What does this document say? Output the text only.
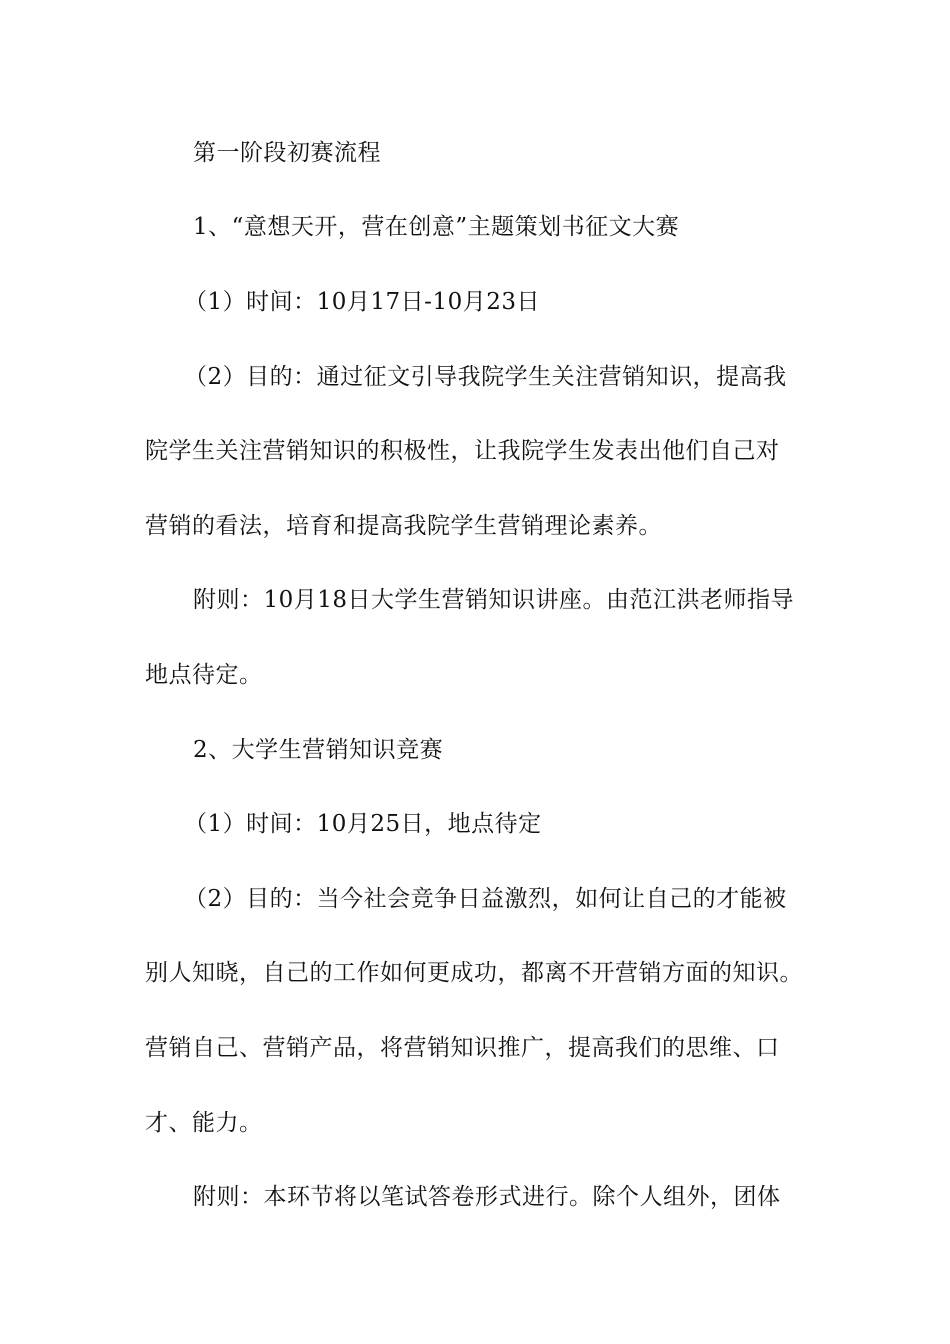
第一阶段初赛流程
1、“意想天开，营在创意”主题策划书征文大赛
（1）时间：10月17日-10月23日
（2）目的：通过征文引导我院学生关注营销知识，提高我
院学生关注营销知识的积极性，让我院学生发表出他们自己对
营销的看法，培育和提高我院学生营销理论素养。
附则：10月18日大学生营销知识讲座。由范江洪老师指导
地点待定。
2、大学生营销知识竞赛
（1）时间：10月25日，地点待定
（2）目的：当今社会竞争日益激烈，如何让自己的才能被
别人知晓，自己的工作如何更成功，都离不开营销方面的知识。
营销自己、营销产品，将营销知识推广，提高我们的思维、口
才、能力。
附则：本环节将以笔试答卷形式进行。除个人组外，团体
